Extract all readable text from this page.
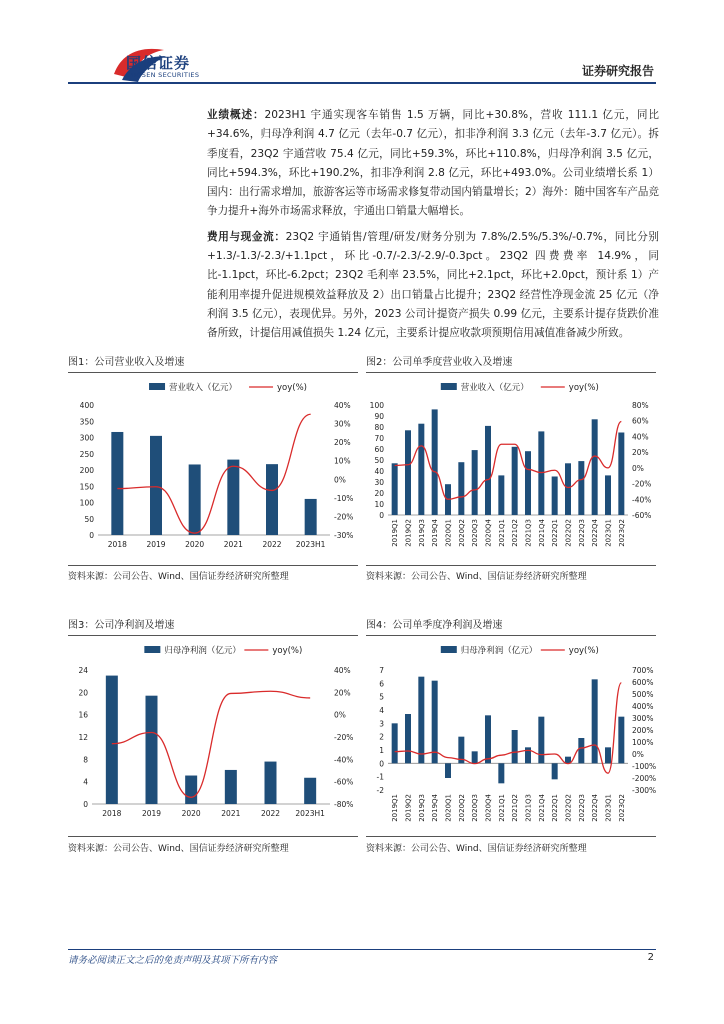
国信证券
GUOSEN SECURITIES	证券研究报告

业绩概述：2023H1 宇通实现客车销售 1.5 万辆，同比+30.8%，营收 111.1 亿元，同比+34.6%，归母净利润 4.7 亿元（去年-0.7 亿元），扣非净利润 3.3 亿元（去年-3.7 亿元）。拆季度看，23Q2 宇通营收 75.4 亿元，同比+59.3%，环比+110.8%，归母净利润 3.5 亿元，同比+594.3%，环比+190.2%，扣非净利润 2.8 亿元，环比+493.0%。公司业绩增长系 1）国内：出行需求增加，旅游客运等市场需求修复带动国内销量增长；2）海外：随中国客车产品竞争力提升+海外市场需求释放，宇通出口销量大幅增长。

费用与现金流：23Q2 宇通销售/管理/研发/财务分别为 7.8%/2.5%/5.3%/-0.7%，同比分别+1.3/-1.3/-2.3/+1.1pct，环比-0.7/-2.3/-2.9/-0.3pct。23Q2 四费费率 14.9%，同比-1.1pct，环比-6.2pct；23Q2 毛利率 23.5%，同比+2.1pct，环比+2.0pct，预计系 1）产能利用率提升促进规模效益释放及 2）出口销量占比提升；23Q2 经营性净现金流 25 亿元（净利润 3.5 亿元），表现优异。另外，2023 公司计提资产损失 0.99 亿元，主要系计提存货跌价准备所致，计提信用减值损失 1.24 亿元，主要系计提应收款项预期信用减值准备减少所致。

图1：公司营业收入及增速
营业收入（亿元）	yoy(%)
0
50
100
150
200
250
300
350
400
-30%
-20%
-10%
0%
10%
20%
30%
40%
2018	2019	2020	2021	2022 2023H1
资料来源：公司公告、Wind、国信证券经济研究所整理
图2：公司单季度营业收入及增速
营业收入（亿元）	yoy(%)
0
10
20
30
40
50
60
70
80
90
100
-60%
-40%
-20%
0%
20%
40%
60%
80%
2019Q1 2019Q2 2019Q3 2019Q4 2020Q1 2020Q2 2020Q3 2020Q4 2021Q1 2021Q2 2021Q3 2021Q4 2022Q1 2022Q2 2022Q3 2022Q4 2023Q1 2023Q2
资料来源：公司公告、Wind、国信证券经济研究所整理
图3：公司净利润及增速
归母净利润（亿元）	yoy(%)
0
4
8
12
16
20
24
-80%
-60%
-40%
-20%
0%
20%
40%
2018	2019	2020	2021	2022 2023H1
资料来源：公司公告、Wind、国信证券经济研究所整理
图4：公司单季度净利润及增速
归母净利润（亿元）	yoy(%)
-2
-1
0
1
2
3
4
5
6
7
-300%
-200%
-100%
0%
100%
200%
300%
400%
500%
600%
700%
2019Q1 2019Q2 2019Q3 2019Q4 2020Q1 2020Q2 2020Q3 2020Q4 2021Q1 2021Q2 2021Q3 2021Q4 2022Q1 2022Q2 2022Q3 2022Q4 2023Q1 2023Q2
资料来源：公司公告、Wind、国信证券经济研究所整理
请务必阅读正文之后的免责声明及其项下所有内容	2
